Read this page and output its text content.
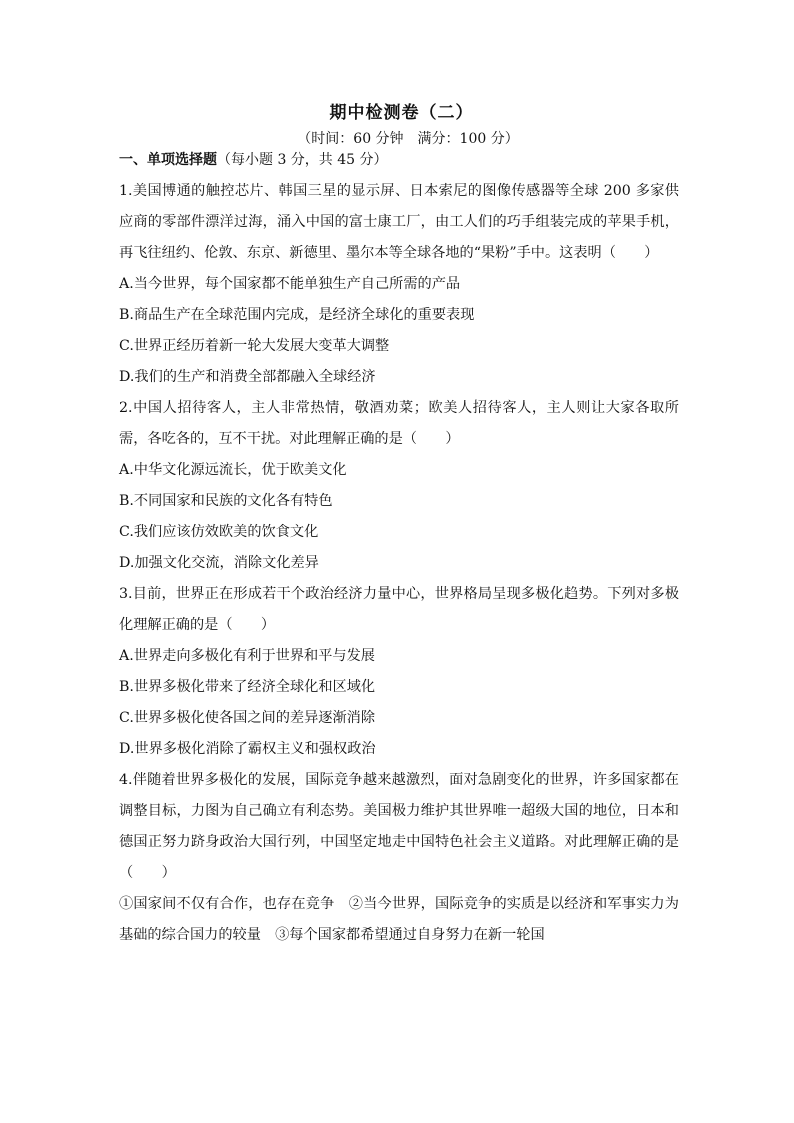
期中检测卷（二）
（时间：60 分钟　满分：100 分）
一、单项选择题（每小题 3 分，共 45 分）

1.美国博通的触控芯片、韩国三星的显示屏、日本索尼的图像传感器等全球 200 多家供应商的零部件漂洋过海，涌入中国的富士康工厂，由工人们的巧手组装完成的苹果手机，再飞往纽约、伦敦、东京、新德里、墨尔本等全球各地的“果粉”手中。这表明（　　）

A.当今世界，每个国家都不能单独生产自己所需的产品

B.商品生产在全球范围内完成，是经济全球化的重要表现

C.世界正经历着新一轮大发展大变革大调整

D.我们的生产和消费全部都融入全球经济

2.中国人招待客人，主人非常热情，敬酒劝菜；欧美人招待客人，主人则让大家各取所需，各吃各的，互不干扰。对此理解正确的是（　　）

A.中华文化源远流长，优于欧美文化

B.不同国家和民族的文化各有特色

C.我们应该仿效欧美的饮食文化

D.加强文化交流，消除文化差异

3.目前，世界正在形成若干个政治经济力量中心，世界格局呈现多极化趋势。下列对多极化理解正确的是（　　）

A.世界走向多极化有利于世界和平与发展

B.世界多极化带来了经济全球化和区域化

C.世界多极化使各国之间的差异逐渐消除

D.世界多极化消除了霸权主义和强权政治

4.伴随着世界多极化的发展，国际竞争越来越激烈，面对急剧变化的世界，许多国家都在调整目标，力图为自己确立有利态势。美国极力维护其世界唯一超级大国的地位，日本和德国正努力跻身政治大国行列，中国坚定地走中国特色社会主义道路。对此理解正确的是（　　）

①国家间不仅有合作，也存在竞争　②当今世界，国际竞争的实质是以经济和军事实力为基础的综合国力的较量　③每个国家都希望通过自身努力在新一轮国
